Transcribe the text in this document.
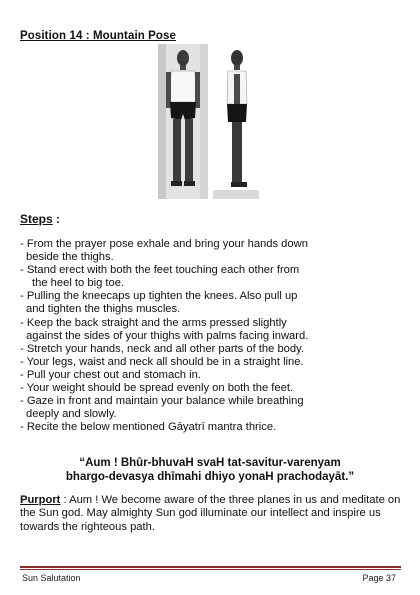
Position 14 : Mountain Pose
Steps :
- From the prayer pose exhale and bring your hands down
beside the thighs.
- Stand erect with both the feet touching each other from
the heel to big toe.
- Pulling the kneecaps up tighten the knees. Also pull up
and tighten the thighs muscles.
- Keep the back straight and the arms pressed slightly
against the sides of your thighs with palms facing inward.
- Stretch your hands, neck and all other parts of the body.
- Your legs, waist and neck all should be in a straight line.
- Pull your chest out and stomach in.
- Your weight should be spread evenly on both the feet.
- Gaze in front and maintain your balance while breathing
deeply and slowly.
- Recite the below mentioned Gāyatrī mantra thrice.
“Aum ! Bhūr-bhuvaH svaH tat-savitur-varenyam
bhargo-devasya dhīmahi dhiyo yonaH prachodayāt.”
Purport : Aum ! We become aware of the three planes in us and meditate on the Sun god. May almighty Sun god illuminate our intellect and inspire us towards the righteous path.
Sun Salutation	Page 37
